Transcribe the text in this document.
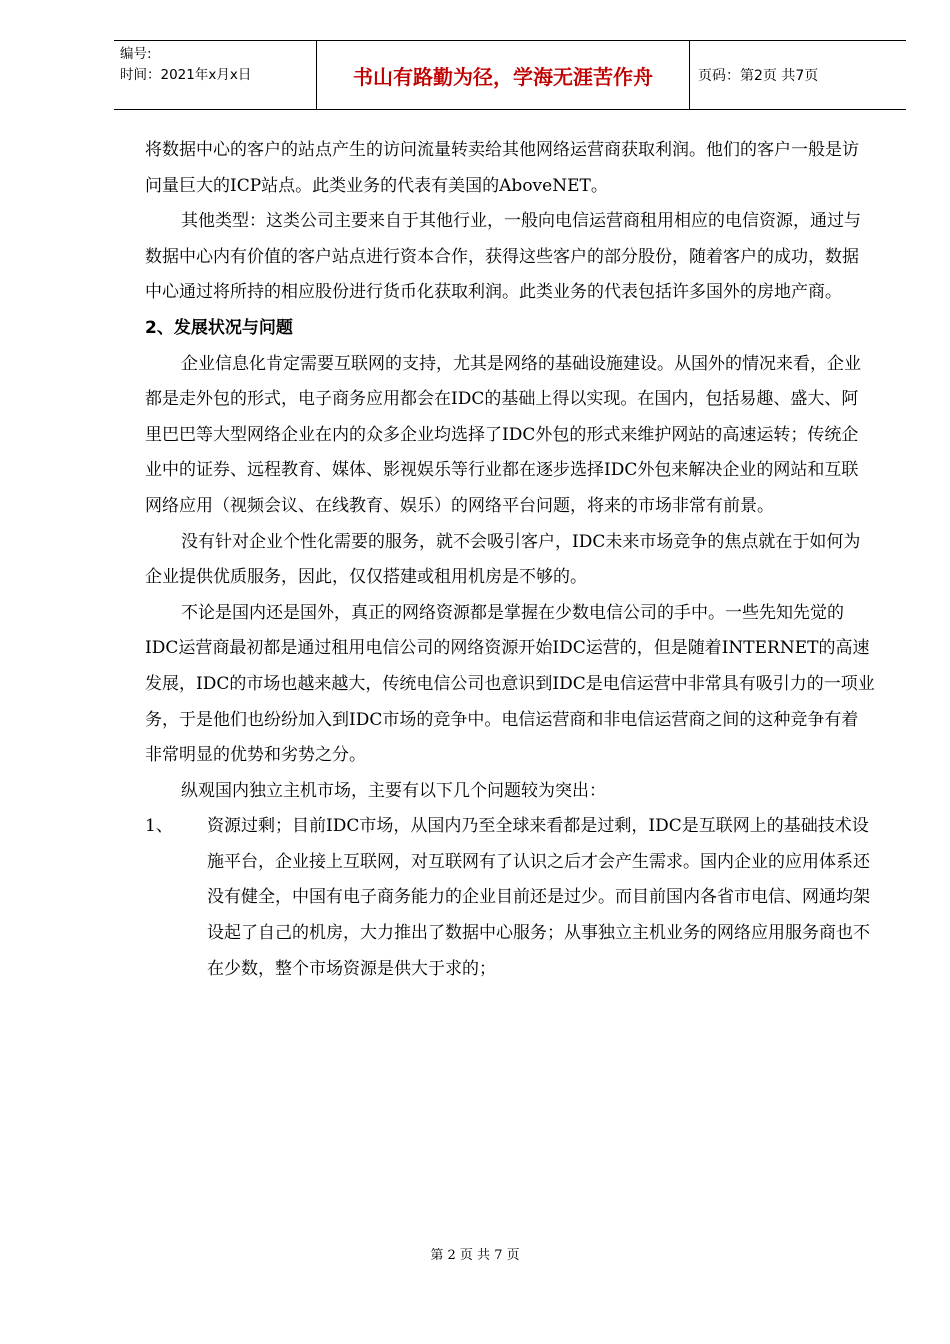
编号:
时间：2021年x月x日	书山有路勤为径，学海无涯苦作舟	页码：第2页 共7页

将数据中心的客户的站点产生的访问流量转卖给其他网络运营商获取利润。他们的客户一般是访问量巨大的ICP站点。此类业务的代表有美国的AboveNET。

其他类型：这类公司主要来自于其他行业，一般向电信运营商租用相应的电信资源，通过与数据中心内有价值的客户站点进行资本合作，获得这些客户的部分股份，随着客户的成功，数据中心通过将所持的相应股份进行货币化获取利润。此类业务的代表包括许多国外的房地产商。

2、发展状况与问题

企业信息化肯定需要互联网的支持，尤其是网络的基础设施建设。从国外的情况来看，企业都是走外包的形式，电子商务应用都会在IDC的基础上得以实现。在国内，包括易趣、盛大、阿里巴巴等大型网络企业在内的众多企业均选择了IDC外包的形式来维护网站的高速运转；传统企业中的证券、远程教育、媒体、影视娱乐等行业都在逐步选择IDC外包来解决企业的网站和互联网络应用（视频会议、在线教育、娱乐）的网络平台问题，将来的市场非常有前景。

没有针对企业个性化需要的服务，就不会吸引客户，IDC未来市场竞争的焦点就在于如何为企业提供优质服务，因此，仅仅搭建或租用机房是不够的。

不论是国内还是国外，真正的网络资源都是掌握在少数电信公司的手中。一些先知先觉的IDC运营商最初都是通过租用电信公司的网络资源开始IDC运营的，但是随着INTERNET的高速发展，IDC的市场也越来越大，传统电信公司也意识到IDC是电信运营中非常具有吸引力的一项业务，于是他们也纷纷加入到IDC市场的竞争中。电信运营商和非电信运营商之间的这种竞争有着非常明显的优势和劣势之分。

纵观国内独立主机市场，主要有以下几个问题较为突出：

1、	资源过剩；目前IDC市场，从国内乃至全球来看都是过剩，IDC是互联网上的基础技术设施平台，企业接上互联网，对互联网有了认识之后才会产生需求。国内企业的应用体系还没有健全，中国有电子商务能力的企业目前还是过少。而目前国内各省市电信、网通均架设起了自己的机房，大力推出了数据中心服务；从事独立主机业务的网络应用服务商也不在少数，整个市场资源是供大于求的；

第 2 页 共 7 页
